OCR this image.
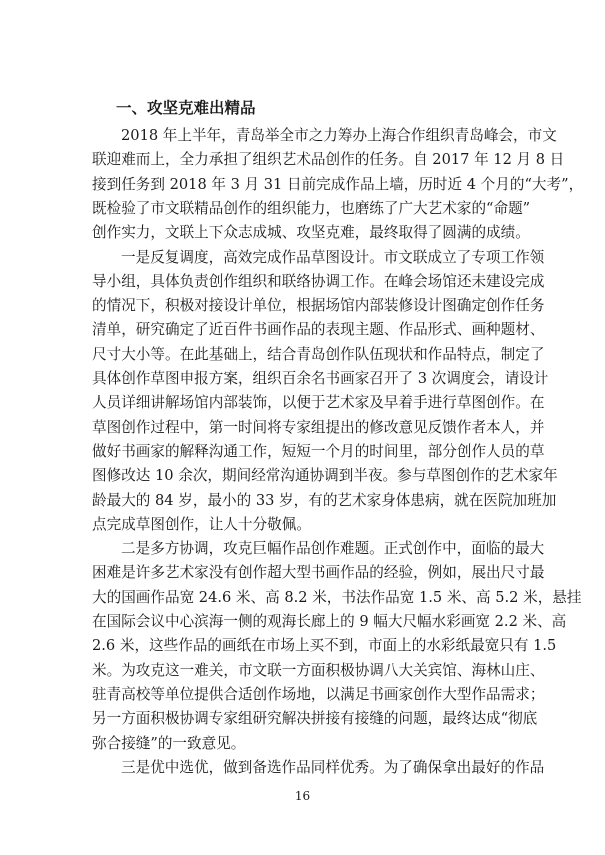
一、攻坚克难出精品
2018 年上半年，青岛举全市之力筹办上海合作组织青岛峰会，市文
联迎难而上，全力承担了组织艺术品创作的任务。自 2017 年 12 月 8 日
接到任务到 2018 年 3 月 31 日前完成作品上墙，历时近 4 个月的“大考”，
既检验了市文联精品创作的组织能力，也磨练了广大艺术家的“命题”
创作实力，文联上下众志成城、攻坚克难，最终取得了圆满的成绩。
一是反复调度，高效完成作品草图设计。市文联成立了专项工作领
导小组，具体负责创作组织和联络协调工作。在峰会场馆还未建设完成
的情况下，积极对接设计单位，根据场馆内部装修设计图确定创作任务
清单，研究确定了近百件书画作品的表现主题、作品形式、画种题材、
尺寸大小等。在此基础上，结合青岛创作队伍现状和作品特点，制定了
具体创作草图申报方案，组织百余名书画家召开了 3 次调度会，请设计
人员详细讲解场馆内部装饰，以便于艺术家及早着手进行草图创作。在
草图创作过程中，第一时间将专家组提出的修改意见反馈作者本人，并
做好书画家的解释沟通工作，短短一个月的时间里，部分创作人员的草
图修改达 10 余次，期间经常沟通协调到半夜。参与草图创作的艺术家年
龄最大的 84 岁，最小的 33 岁，有的艺术家身体患病，就在医院加班加
点完成草图创作，让人十分敬佩。
二是多方协调，攻克巨幅作品创作难题。正式创作中，面临的最大
困难是许多艺术家没有创作超大型书画作品的经验，例如，展出尺寸最
大的国画作品宽 24.6 米、高 8.2 米，书法作品宽 1.5 米、高 5.2 米，悬挂
在国际会议中心滨海一侧的观海长廊上的 9 幅大尺幅水彩画宽 2.2 米、高
2.6 米，这些作品的画纸在市场上买不到，市面上的水彩纸最宽只有 1.5
米。为攻克这一难关，市文联一方面积极协调八大关宾馆、海林山庄、
驻青高校等单位提供合适创作场地，以满足书画家创作大型作品需求；
另一方面积极协调专家组研究解决拼接有接缝的问题，最终达成“彻底
弥合接缝”的一致意见。
三是优中选优，做到备选作品同样优秀。为了确保拿出最好的作品
16
